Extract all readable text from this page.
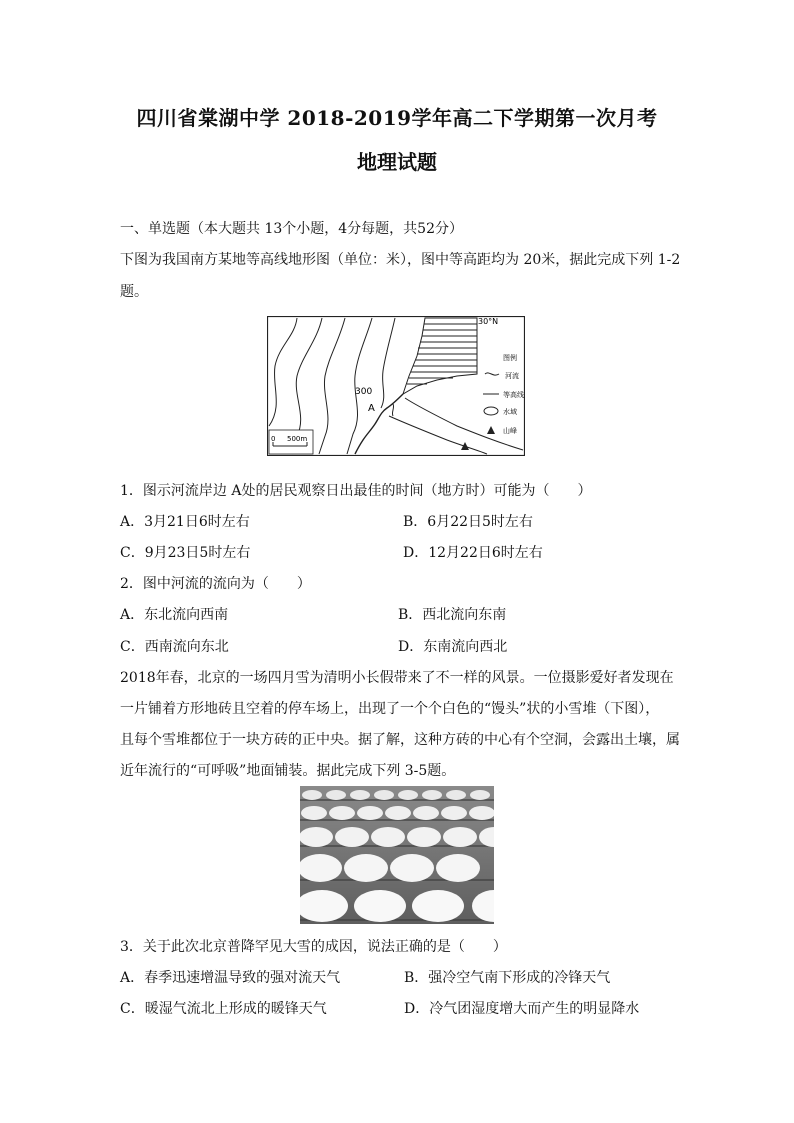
四川省棠湖中学 2018-2019学年高二下学期第一次月考
地理试题
一、单选题（本大题共 13个小题，4分每题，共52分）
下图为我国南方某地等高线地形图（单位：米），图中等高距均为 20米，据此完成下列 1-2
题。
30°N
300
A
0 500m
图例
河流
等高线
水域
山峰
1．图示河流岸边 A处的居民观察日出最佳的时间（地方时）可能为（　　）
A．3月21日6时左右	B．6月22日5时左右
C．9月23日5时左右	D．12月22日6时左右
2．图中河流的流向为（　　）
A．东北流向西南	B．西北流向东南
C．西南流向东北	D．东南流向西北
2018年春，北京的一场四月雪为清明小长假带来了不一样的风景。一位摄影爱好者发现在
一片铺着方形地砖且空着的停车场上，出现了一个个白色的“馒头”状的小雪堆（下图），
且每个雪堆都位于一块方砖的正中央。据了解，这种方砖的中心有个空洞，会露出土壤，属
近年流行的“可呼吸”地面铺装。据此完成下列 3-5题。
3．关于此次北京普降罕见大雪的成因，说法正确的是（　　）
A．春季迅速增温导致的强对流天气	B．强冷空气南下形成的冷锋天气
C．暖湿气流北上形成的暖锋天气	D．冷气团湿度增大而产生的明显降水
